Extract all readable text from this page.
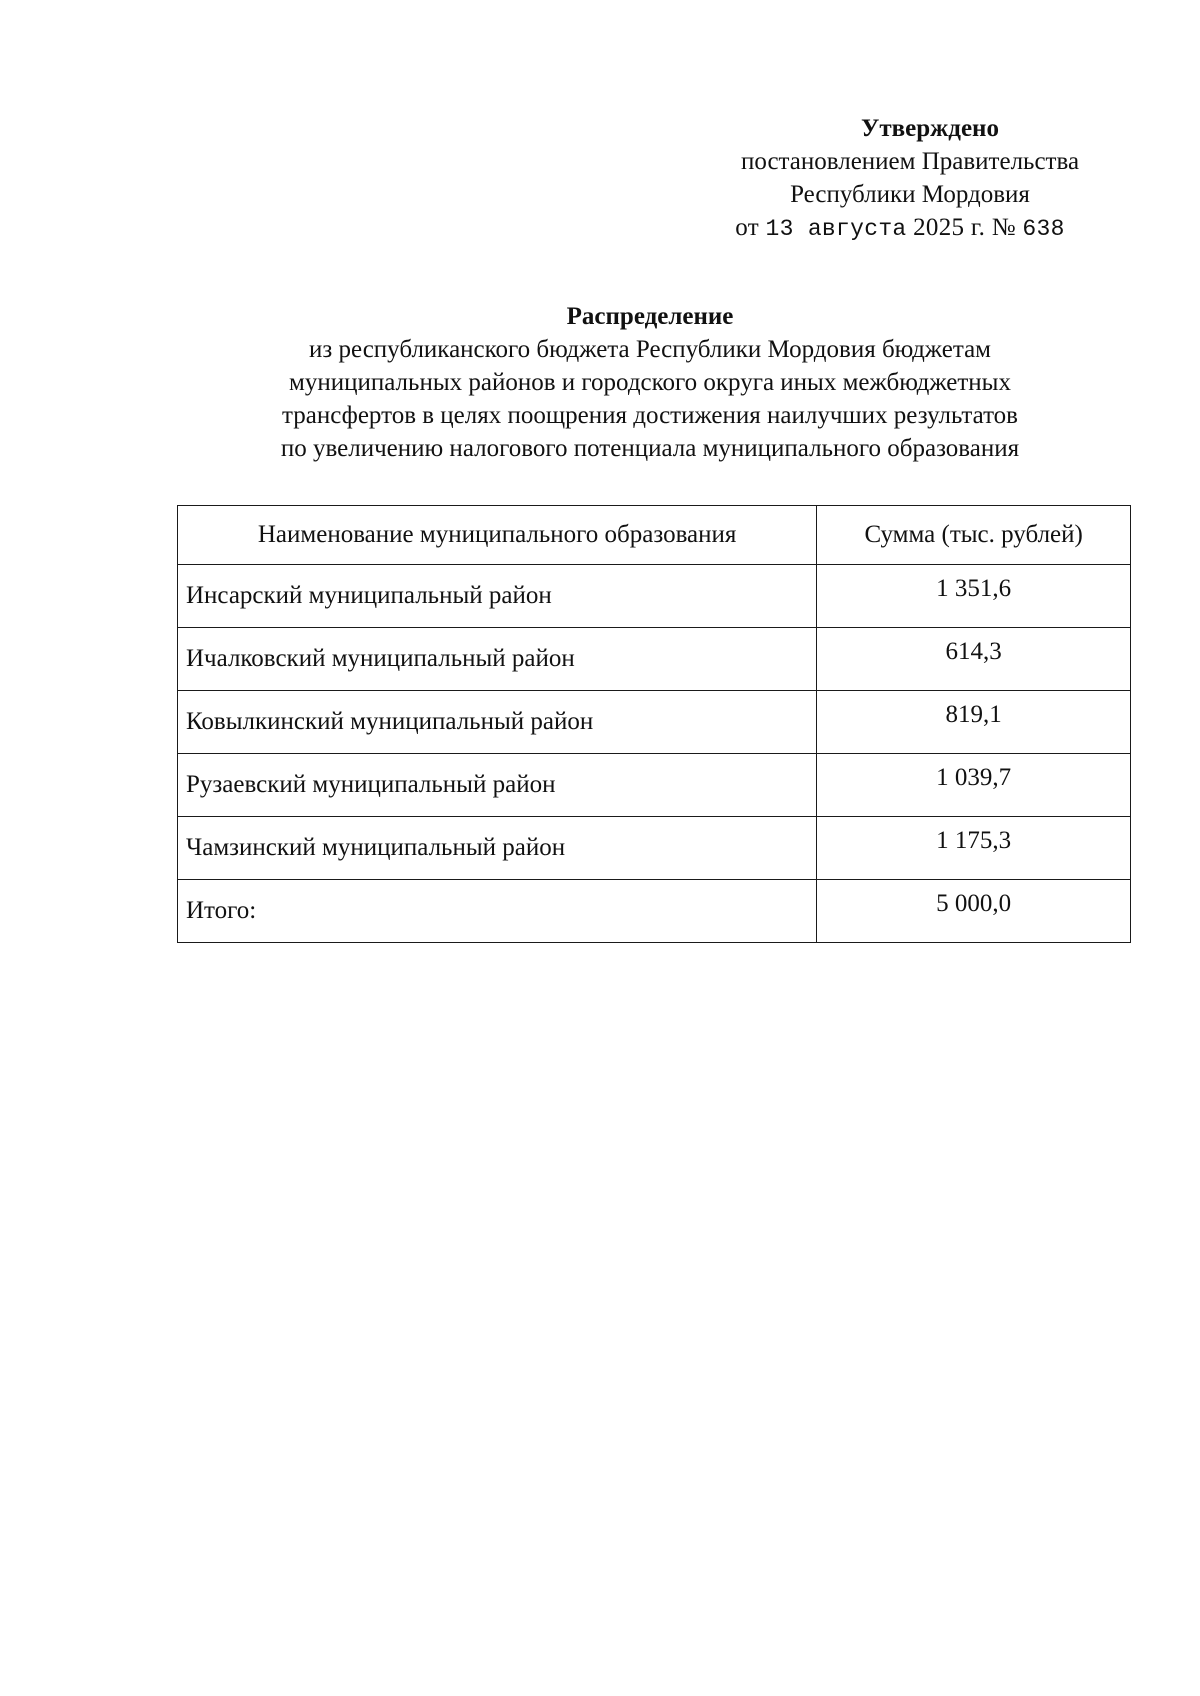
Утверждено
постановлением Правительства
Республики Мордовия
от 13 августа 2025 г. № 638
Распределение
из республиканского бюджета Республики Мордовия бюджетам
муниципальных районов и городского округа иных межбюджетных
трансфертов в целях поощрения достижения наилучших результатов
по увеличению налогового потенциала муниципального образования
Наименование муниципального образования	Сумма (тыс. рублей)
Инсарский муниципальный район	1 351,6
Ичалковский муниципальный район	614,3
Ковылкинский муниципальный район	819,1
Рузаевский муниципальный район	1 039,7
Чамзинский муниципальный район	1 175,3
Итого:	5 000,0
